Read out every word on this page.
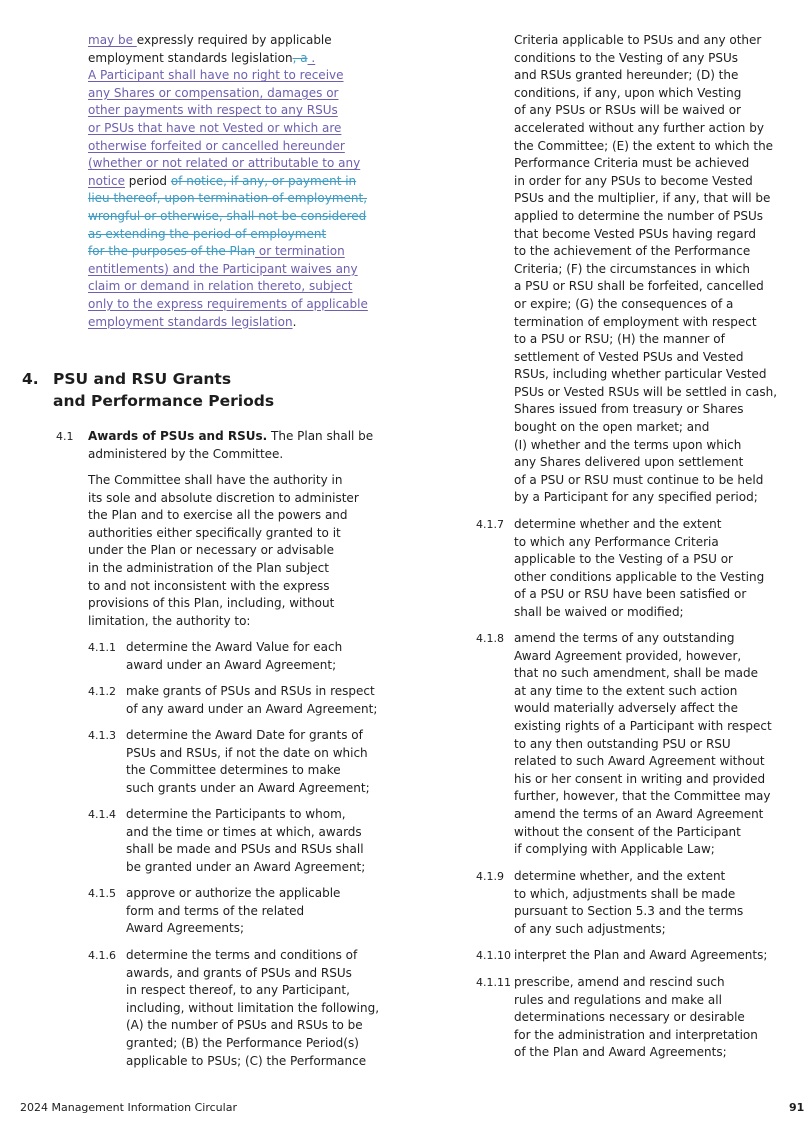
may be expressly required by applicable
employment standards legislation, a .
A Participant shall have no right to receive
any Shares or compensation, damages or
other payments with respect to any RSUs
or PSUs that have not Vested or which are
otherwise forfeited or cancelled hereunder
(whether or not related or attributable to any
notice period of notice, if any, or payment in
lieu thereof, upon termination of employment,
wrongful or otherwise, shall not be considered
as extending the period of employment
for the purposes of the Plan or termination
entitlements) and the Participant waives any
claim or demand in relation thereto, subject
only to the express requirements of applicable
employment standards legislation.
4. PSU and RSU Grants
and Performance Periods
4.1 Awards of PSUs and RSUs. The Plan shall be
administered by the Committee.
The Committee shall have the authority in
its sole and absolute discretion to administer
the Plan and to exercise all the powers and
authorities either specifically granted to it
under the Plan or necessary or advisable
in the administration of the Plan subject
to and not inconsistent with the express
provisions of this Plan, including, without
limitation, the authority to:
4.1.1 determine the Award Value for each
award under an Award Agreement;
4.1.2 make grants of PSUs and RSUs in respect
of any award under an Award Agreement;
4.1.3 determine the Award Date for grants of
PSUs and RSUs, if not the date on which
the Committee determines to make
such grants under an Award Agreement;
4.1.4 determine the Participants to whom,
and the time or times at which, awards
shall be made and PSUs and RSUs shall
be granted under an Award Agreement;
4.1.5 approve or authorize the applicable
form and terms of the related
Award Agreements;
4.1.6 determine the terms and conditions of
awards, and grants of PSUs and RSUs
in respect thereof, to any Participant,
including, without limitation the following,
(A) the number of PSUs and RSUs to be
granted; (B) the Performance Period(s)
applicable to PSUs; (C) the Performance
Criteria applicable to PSUs and any other
conditions to the Vesting of any PSUs
and RSUs granted hereunder; (D) the
conditions, if any, upon which Vesting
of any PSUs or RSUs will be waived or
accelerated without any further action by
the Committee; (E) the extent to which the
Performance Criteria must be achieved
in order for any PSUs to become Vested
PSUs and the multiplier, if any, that will be
applied to determine the number of PSUs
that become Vested PSUs having regard
to the achievement of the Performance
Criteria; (F) the circumstances in which
a PSU or RSU shall be forfeited, cancelled
or expire; (G) the consequences of a
termination of employment with respect
to a PSU or RSU; (H) the manner of
settlement of Vested PSUs and Vested
RSUs, including whether particular Vested
PSUs or Vested RSUs will be settled in cash,
Shares issued from treasury or Shares
bought on the open market; and
(I) whether and the terms upon which
any Shares delivered upon settlement
of a PSU or RSU must continue to be held
by a Participant for any specified period;
4.1.7 determine whether and the extent
to which any Performance Criteria
applicable to the Vesting of a PSU or
other conditions applicable to the Vesting
of a PSU or RSU have been satisfied or
shall be waived or modified;
4.1.8 amend the terms of any outstanding
Award Agreement provided, however,
that no such amendment, shall be made
at any time to the extent such action
would materially adversely affect the
existing rights of a Participant with respect
to any then outstanding PSU or RSU
related to such Award Agreement without
his or her consent in writing and provided
further, however, that the Committee may
amend the terms of an Award Agreement
without the consent of the Participant
if complying with Applicable Law;
4.1.9 determine whether, and the extent
to which, adjustments shall be made
pursuant to Section 5.3 and the terms
of any such adjustments;
4.1.10 interpret the Plan and Award Agreements;
4.1.11 prescribe, amend and rescind such
rules and regulations and make all
determinations necessary or desirable
for the administration and interpretation
of the Plan and Award Agreements;
2024 Management Information Circular	91
